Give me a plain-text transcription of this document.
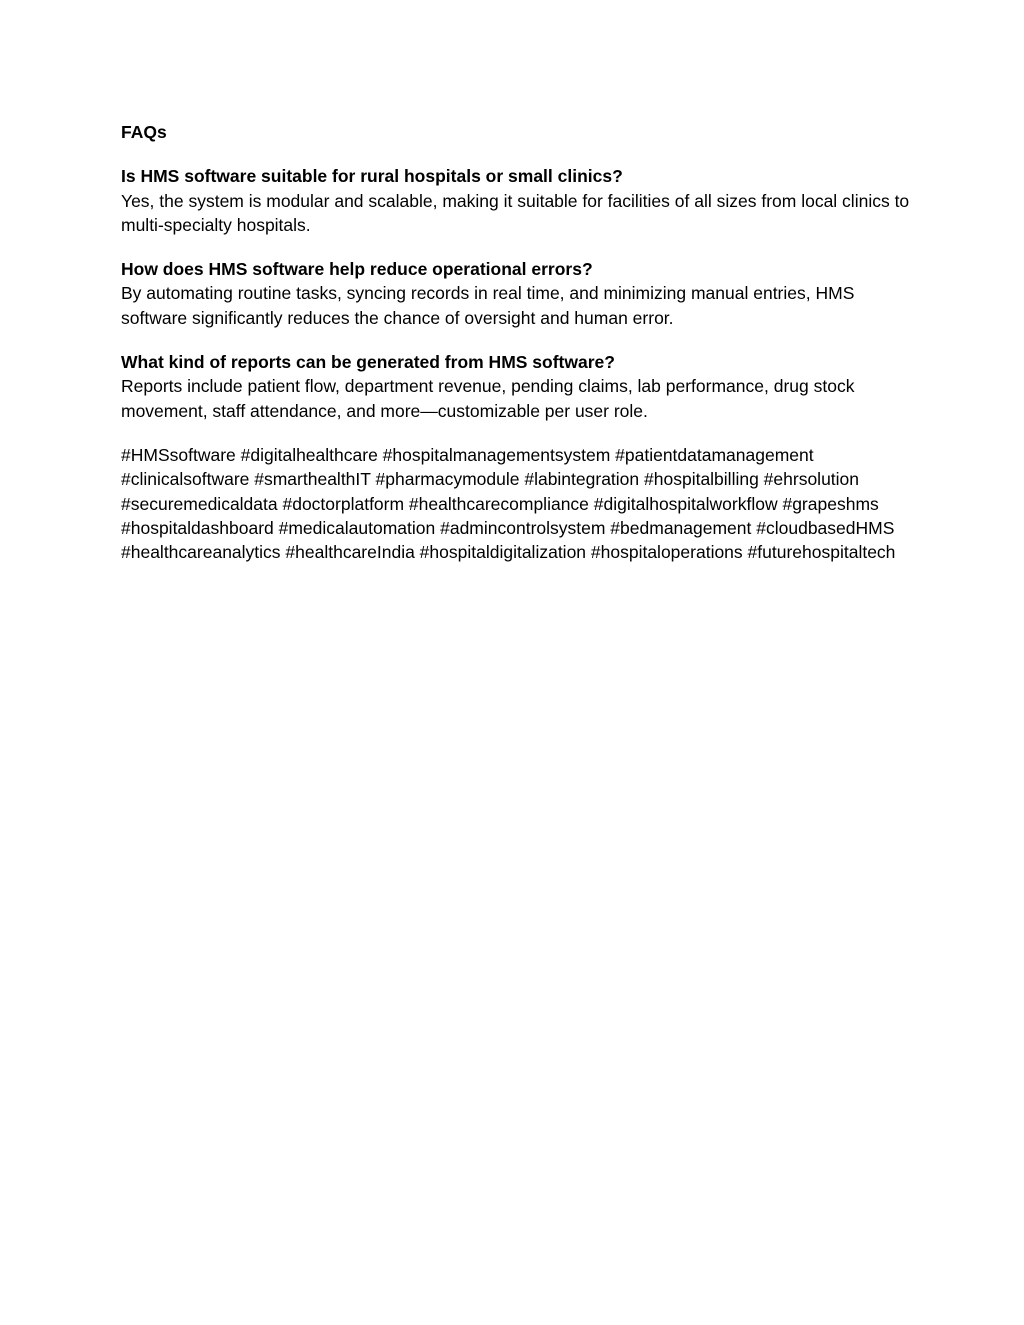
FAQs
Is HMS software suitable for rural hospitals or small clinics?
Yes, the system is modular and scalable, making it suitable for facilities of all sizes from local clinics to multi-specialty hospitals.
How does HMS software help reduce operational errors?
By automating routine tasks, syncing records in real time, and minimizing manual entries, HMS software significantly reduces the chance of oversight and human error.
What kind of reports can be generated from HMS software?
Reports include patient flow, department revenue, pending claims, lab performance, drug stock movement, staff attendance, and more—customizable per user role.
#HMSsoftware #digitalhealthcare #hospitalmanagementsystem #patientdatamanagement #clinicalsoftware #smarthealthIT #pharmacymodule #labintegration #hospitalbilling #ehrsolution #securemedicaldata #doctorplatform #healthcarecompliance #digitalhospitalworkflow #grapeshms #hospitaldashboard #medicalautomation #admincontrolsystem #bedmanagement #cloudbasedHMS #healthcareanalytics #healthcareIndia #hospitaldigitalization #hospitaloperations #futurehospitaltech
